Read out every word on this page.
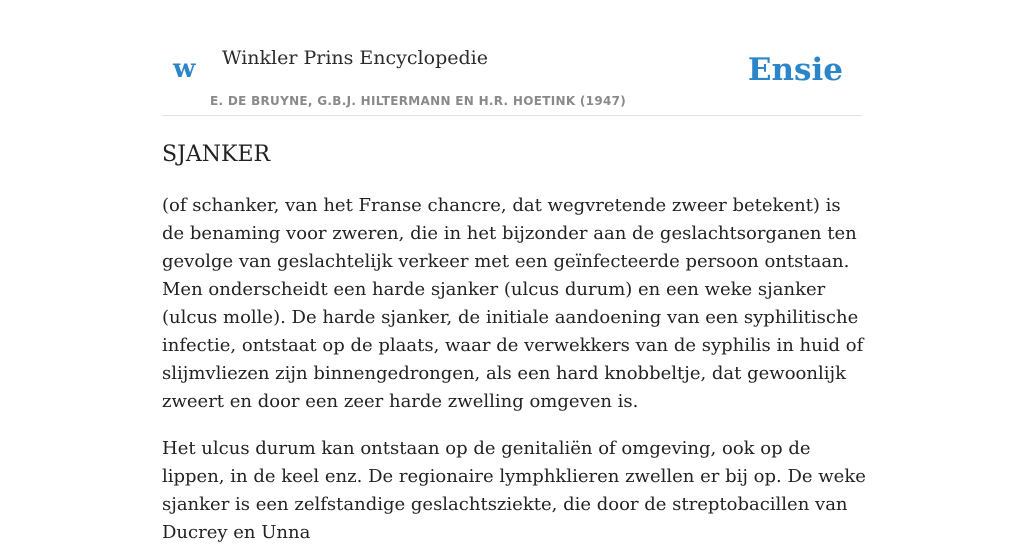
w Winkler Prins Encyclopedie
E. DE BRUYNE, G.B.J. HILTERMANN EN H.R. HOETINK (1947)
Ensie
SJANKER

(of schanker, van het Franse chancre, dat wegvretende zweer betekent) is de benaming voor zweren, die in het bijzonder aan de geslachtsorganen ten gevolge van geslachtelijk verkeer met een geïnfecteerde persoon ontstaan. Men onderscheidt een harde sjanker (ulcus durum) en een weke sjanker (ulcus molle). De harde sjanker, de initiale aandoening van een syphilitische infectie, ontstaat op de plaats, waar de verwekkers van de syphilis in huid of slijmvliezen zijn binnengedrongen, als een hard knobbeltje, dat gewoonlijk zweert en door een zeer harde zwelling omgeven is.

Het ulcus durum kan ontstaan op de genitaliën of omgeving, ook op de lippen, in de keel enz. De regionaire lymphklieren zwellen er bij op. De weke sjanker is een zelfstandige geslachtsziekte, die door de streptobacillen van Ducrey en Unna
